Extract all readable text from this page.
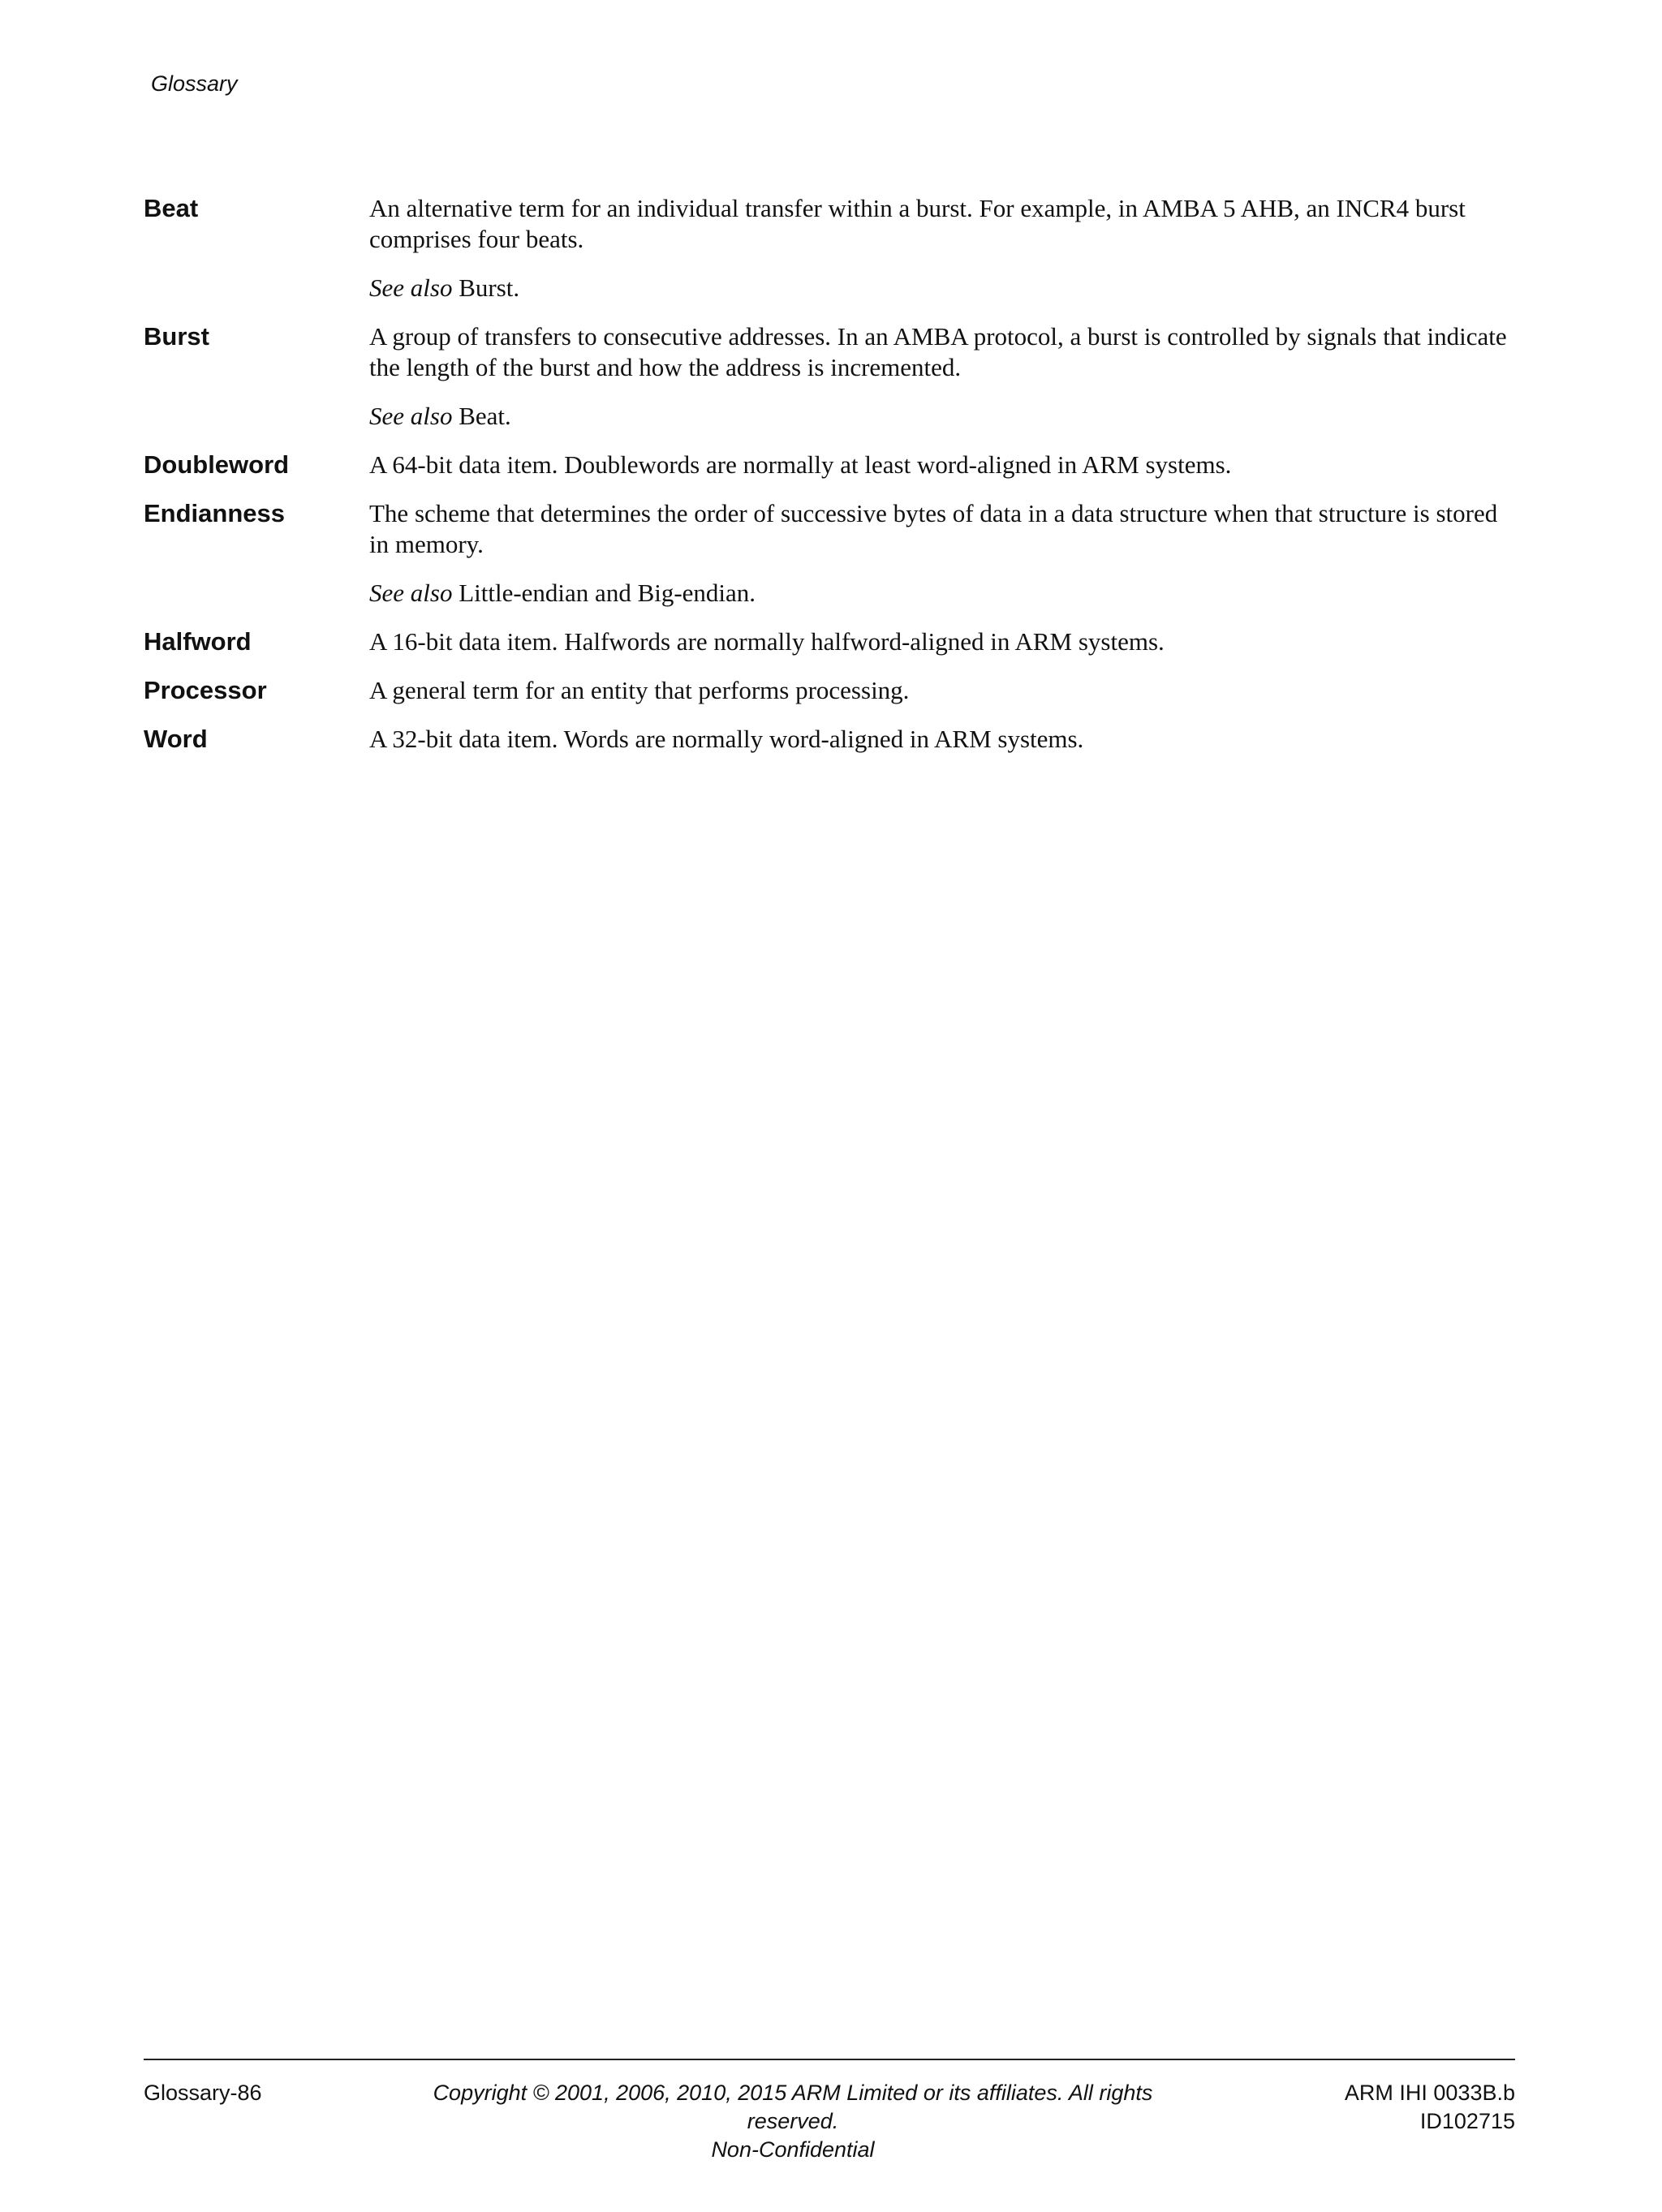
Glossary
Beat	An alternative term for an individual transfer within a burst. For example, in AMBA 5 AHB, an INCR4 burst comprises four beats.

See also Burst.

Burst	A group of transfers to consecutive addresses. In an AMBA protocol, a burst is controlled by signals that indicate the length of the burst and how the address is incremented.

See also Beat.

Doubleword	A 64-bit data item. Doublewords are normally at least word-aligned in ARM systems.

Endianness	The scheme that determines the order of successive bytes of data in a data structure when that structure is stored in memory.

See also Little-endian and Big-endian.

Halfword	A 16-bit data item. Halfwords are normally halfword-aligned in ARM systems.

Processor	A general term for an entity that performs processing.

Word	A 32-bit data item. Words are normally word-aligned in ARM systems.

Glossary-86	Copyright © 2001, 2006, 2010, 2015 ARM Limited or its affiliates. All rights reserved.
Non-Confidential
ARM IHI 0033B.b
ID102715
